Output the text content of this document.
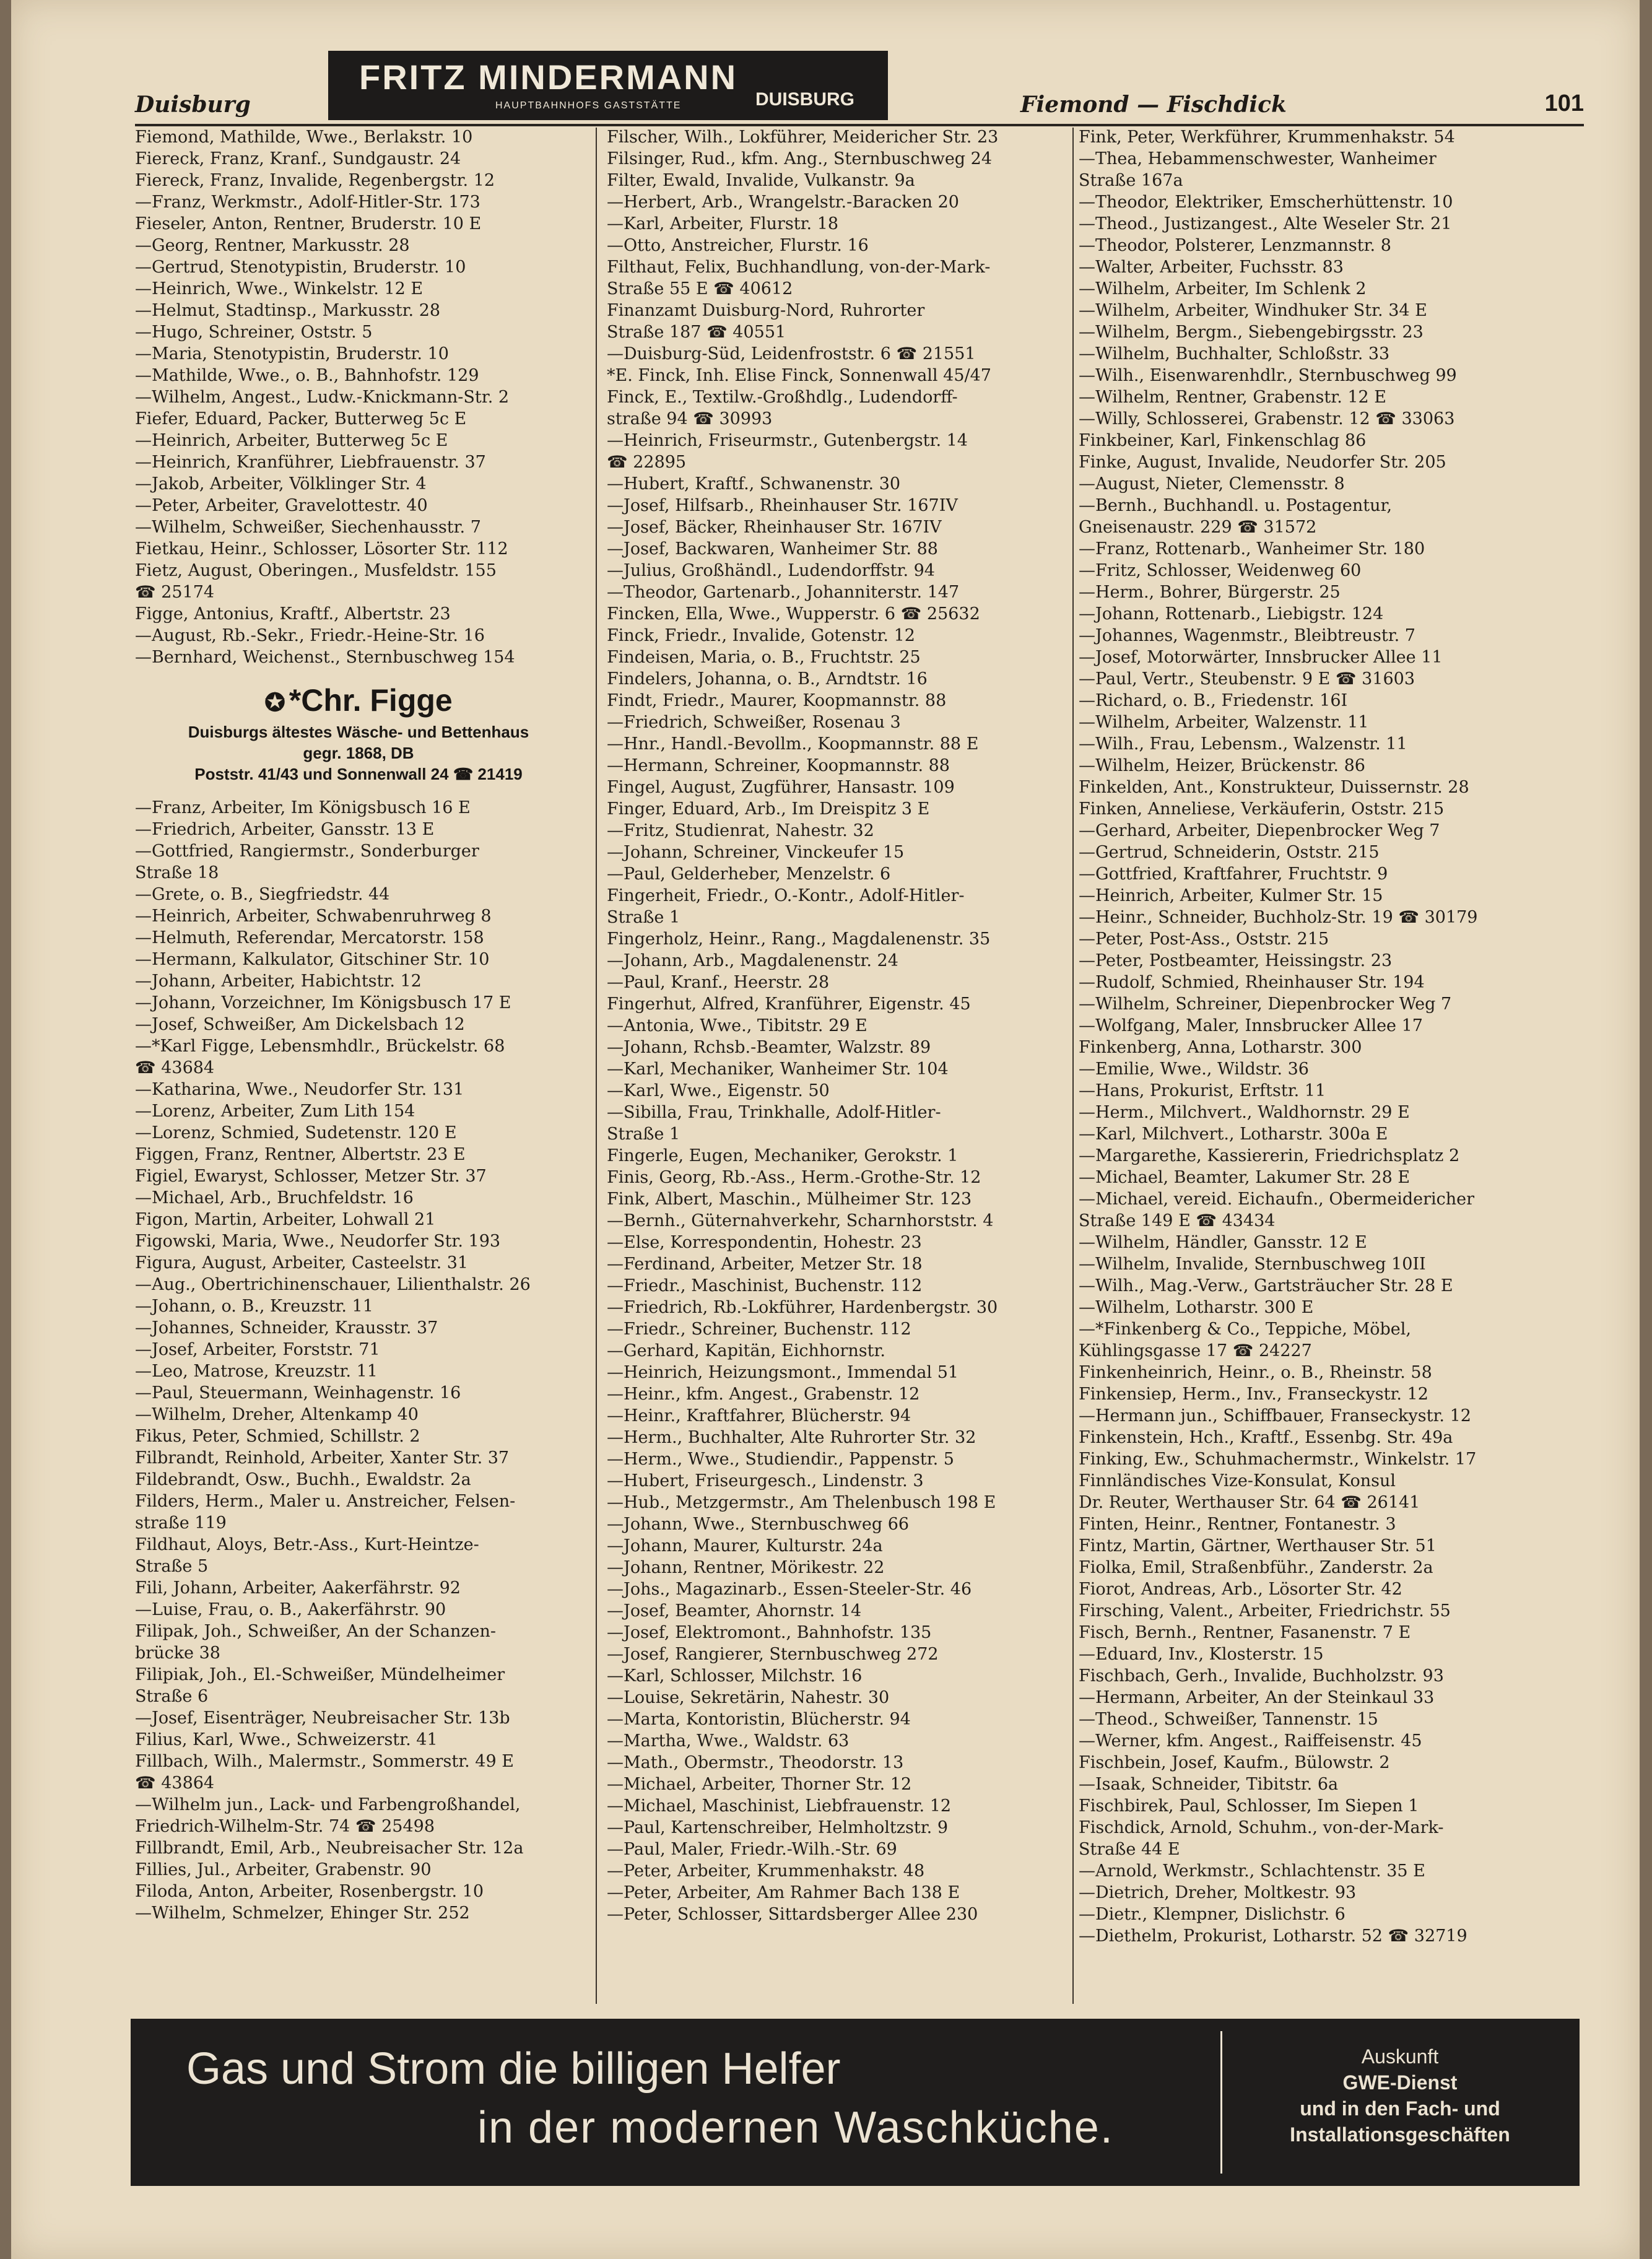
Duisburg	Fiemond — Fischdick	101
FRITZ MINDERMANN
HAUPTBAHNHOFS GASTSTÄTTE	DUISBURG
Fiemond, Mathilde, Wwe., Berlakstr. 10
Fiereck, Franz, Kranf., Sundgaustr. 24
Fiereck, Franz, Invalide, Regenbergstr. 12
—Franz, Werkmstr., Adolf-Hitler-Str. 173
Fieseler, Anton, Rentner, Bruderstr. 10 E
—Georg, Rentner, Markusstr. 28
—Gertrud, Stenotypistin, Bruderstr. 10
—Heinrich, Wwe., Winkelstr. 12 E
—Helmut, Stadtinsp., Markusstr. 28
—Hugo, Schreiner, Oststr. 5
—Maria, Stenotypistin, Bruderstr. 10
—Mathilde, Wwe., o. B., Bahnhofstr. 129
—Wilhelm, Angest., Ludw.-Knickmann-Str. 2
Fiefer, Eduard, Packer, Butterweg 5c E
—Heinrich, Arbeiter, Butterweg 5c E
—Heinrich, Kranführer, Liebfrauenstr. 37
—Jakob, Arbeiter, Völklinger Str. 4
—Peter, Arbeiter, Gravelottestr. 40
—Wilhelm, Schweißer, Siechenhausstr. 7
Fietkau, Heinr., Schlosser, Lösorter Str. 112
Fietz, August, Oberingen., Musfeldstr. 155
☎ 25174
Figge, Antonius, Kraftf., Albertstr. 23
—August, Rb.-Sekr., Friedr.-Heine-Str. 16
—Bernhard, Weichenst., Sternbuschweg 154
✪ *Chr. Figge
Duisburgs ältestes Wäsche- und Bettenhaus
gegr. 1868, DB
Poststr. 41/43 und Sonnenwall 24 ☎ 21419
—Franz, Arbeiter, Im Königsbusch 16 E
—Friedrich, Arbeiter, Gansstr. 13 E
—Gottfried, Rangiermstr., Sonderburger
Straße 18
—Grete, o. B., Siegfriedstr. 44
—Heinrich, Arbeiter, Schwabenruhrweg 8
—Helmuth, Referendar, Mercatorstr. 158
—Hermann, Kalkulator, Gitschiner Str. 10
—Johann, Arbeiter, Habichtstr. 12
—Johann, Vorzeichner, Im Königsbusch 17 E
—Josef, Schweißer, Am Dickelsbach 12
—*Karl Figge, Lebensmhdlr., Brückelstr. 68
☎ 43684
—Katharina, Wwe., Neudorfer Str. 131
—Lorenz, Arbeiter, Zum Lith 154
—Lorenz, Schmied, Sudetenstr. 120 E
Figgen, Franz, Rentner, Albertstr. 23 E
Figiel, Ewaryst, Schlosser, Metzer Str. 37
—Michael, Arb., Bruchfeldstr. 16
Figon, Martin, Arbeiter, Lohwall 21
Figowski, Maria, Wwe., Neudorfer Str. 193
Figura, August, Arbeiter, Casteelstr. 31
—Aug., Obertrichinenschauer, Lilienthalstr. 26
—Johann, o. B., Kreuzstr. 11
—Johannes, Schneider, Krausstr. 37
—Josef, Arbeiter, Forststr. 71
—Leo, Matrose, Kreuzstr. 11
—Paul, Steuermann, Weinhagenstr. 16
—Wilhelm, Dreher, Altenkamp 40
Fikus, Peter, Schmied, Schillstr. 2
Filbrandt, Reinhold, Arbeiter, Xanter Str. 37
Fildebrandt, Osw., Buchh., Ewaldstr. 2a
Filders, Herm., Maler u. Anstreicher, Felsen-
straße 119
Fildhaut, Aloys, Betr.-Ass., Kurt-Heintze-
Straße 5
Fili, Johann, Arbeiter, Aakerfährstr. 92
—Luise, Frau, o. B., Aakerfährstr. 90
Filipak, Joh., Schweißer, An der Schanzen-
brücke 38
Filipiak, Joh., El.-Schweißer, Mündelheimer
Straße 6
—Josef, Eisenträger, Neubreisacher Str. 13b
Filius, Karl, Wwe., Schweizerstr. 41
Fillbach, Wilh., Malermstr., Sommerstr. 49 E
☎ 43864
—Wilhelm jun., Lack- und Farbengroßhandel,
Friedrich-Wilhelm-Str. 74 ☎ 25498
Fillbrandt, Emil, Arb., Neubreisacher Str. 12a
Fillies, Jul., Arbeiter, Grabenstr. 90
Filoda, Anton, Arbeiter, Rosenbergstr. 10
—Wilhelm, Schmelzer, Ehinger Str. 252
Filscher, Wilh., Lokführer, Meidericher Str. 23
Filsinger, Rud., kfm. Ang., Sternbuschweg 24
Filter, Ewald, Invalide, Vulkanstr. 9a
—Herbert, Arb., Wrangelstr.-Baracken 20
—Karl, Arbeiter, Flurstr. 18
—Otto, Anstreicher, Flurstr. 16
Filthaut, Felix, Buchhandlung, von-der-Mark-
Straße 55 E ☎ 40612
Finanzamt Duisburg-Nord, Ruhrorter
Straße 187 ☎ 40551
—Duisburg-Süd, Leidenfroststr. 6 ☎ 21551
*E. Finck, Inh. Elise Finck, Sonnenwall 45/47
Finck, E., Textilw.-Großhdlg., Ludendorff-
straße 94 ☎ 30993
—Heinrich, Friseurmstr., Gutenbergstr. 14
☎ 22895
—Hubert, Kraftf., Schwanenstr. 30
—Josef, Hilfsarb., Rheinhauser Str. 167IV
—Josef, Bäcker, Rheinhauser Str. 167IV
—Josef, Backwaren, Wanheimer Str. 88
—Julius, Großhändl., Ludendorffstr. 94
—Theodor, Gartenarb., Johanniterstr. 147
Fincken, Ella, Wwe., Wupperstr. 6 ☎ 25632
Finck, Friedr., Invalide, Gotenstr. 12
Findeisen, Maria, o. B., Fruchtstr. 25
Findelers, Johanna, o. B., Arndtstr. 16
Findt, Friedr., Maurer, Koopmannstr. 88
—Friedrich, Schweißer, Rosenau 3
—Hnr., Handl.-Bevollm., Koopmannstr. 88 E
—Hermann, Schreiner, Koopmannstr. 88
Fingel, August, Zugführer, Hansastr. 109
Finger, Eduard, Arb., Im Dreispitz 3 E
—Fritz, Studienrat, Nahestr. 32
—Johann, Schreiner, Vinckeufer 15
—Paul, Gelderheber, Menzelstr. 6
Fingerheit, Friedr., O.-Kontr., Adolf-Hitler-
Straße 1
Fingerholz, Heinr., Rang., Magdalenenstr. 35
—Johann, Arb., Magdalenenstr. 24
—Paul, Kranf., Heerstr. 28
Fingerhut, Alfred, Kranführer, Eigenstr. 45
—Antonia, Wwe., Tibitstr. 29 E
—Johann, Rchsb.-Beamter, Walzstr. 89
—Karl, Mechaniker, Wanheimer Str. 104
—Karl, Wwe., Eigenstr. 50
—Sibilla, Frau, Trinkhalle, Adolf-Hitler-
Straße 1
Fingerle, Eugen, Mechaniker, Gerokstr. 1
Finis, Georg, Rb.-Ass., Herm.-Grothe-Str. 12
Fink, Albert, Maschin., Mülheimer Str. 123
—Bernh., Güternahverkehr, Scharnhorststr. 4
—Else, Korrespondentin, Hohestr. 23
—Ferdinand, Arbeiter, Metzer Str. 18
—Friedr., Maschinist, Buchenstr. 112
—Friedrich, Rb.-Lokführer, Hardenbergstr. 30
—Friedr., Schreiner, Buchenstr. 112
—Gerhard, Kapitän, Eichhornstr.
—Heinrich, Heizungsmont., Immendal 51
—Heinr., kfm. Angest., Grabenstr. 12
—Heinr., Kraftfahrer, Blücherstr. 94
—Herm., Buchhalter, Alte Ruhrorter Str. 32
—Herm., Wwe., Studiendir., Pappenstr. 5
—Hubert, Friseurgesch., Lindenstr. 3
—Hub., Metzgermstr., Am Thelenbusch 198 E
—Johann, Wwe., Sternbuschweg 66
—Johann, Maurer, Kulturstr. 24a
—Johann, Rentner, Mörikestr. 22
—Johs., Magazinarb., Essen-Steeler-Str. 46
—Josef, Beamter, Ahornstr. 14
—Josef, Elektromont., Bahnhofstr. 135
—Josef, Rangierer, Sternbuschweg 272
—Karl, Schlosser, Milchstr. 16
—Louise, Sekretärin, Nahestr. 30
—Marta, Kontoristin, Blücherstr. 94
—Martha, Wwe., Waldstr. 63
—Math., Obermstr., Theodorstr. 13
—Michael, Arbeiter, Thorner Str. 12
—Michael, Maschinist, Liebfrauenstr. 12
—Paul, Kartenschreiber, Helmholtzstr. 9
—Paul, Maler, Friedr.-Wilh.-Str. 69
—Peter, Arbeiter, Krummenhakstr. 48
—Peter, Arbeiter, Am Rahmer Bach 138 E
—Peter, Schlosser, Sittardsberger Allee 230
Fink, Peter, Werkführer, Krummenhakstr. 54
—Thea, Hebammenschwester, Wanheimer
Straße 167a
—Theodor, Elektriker, Emscherhüttenstr. 10
—Theod., Justizangest., Alte Weseler Str. 21
—Theodor, Polsterer, Lenzmannstr. 8
—Walter, Arbeiter, Fuchsstr. 83
—Wilhelm, Arbeiter, Im Schlenk 2
—Wilhelm, Arbeiter, Windhuker Str. 34 E
—Wilhelm, Bergm., Siebengebirgsstr. 23
—Wilhelm, Buchhalter, Schloßstr. 33
—Wilh., Eisenwarenhdlr., Sternbuschweg 99
—Wilhelm, Rentner, Grabenstr. 12 E
—Willy, Schlosserei, Grabenstr. 12 ☎ 33063
Finkbeiner, Karl, Finkenschlag 86
Finke, August, Invalide, Neudorfer Str. 205
—August, Nieter, Clemensstr. 8
—Bernh., Buchhandl. u. Postagentur,
Gneisenaustr. 229 ☎ 31572
—Franz, Rottenarb., Wanheimer Str. 180
—Fritz, Schlosser, Weidenweg 60
—Herm., Bohrer, Bürgerstr. 25
—Johann, Rottenarb., Liebigstr. 124
—Johannes, Wagenmstr., Bleibtreustr. 7
—Josef, Motorwärter, Innsbrucker Allee 11
—Paul, Vertr., Steubenstr. 9 E ☎ 31603
—Richard, o. B., Friedenstr. 16I
—Wilhelm, Arbeiter, Walzenstr. 11
—Wilh., Frau, Lebensm., Walzenstr. 11
—Wilhelm, Heizer, Brückenstr. 86
Finkelden, Ant., Konstrukteur, Duissernstr. 28
Finken, Anneliese, Verkäuferin, Oststr. 215
—Gerhard, Arbeiter, Diepenbrocker Weg 7
—Gertrud, Schneiderin, Oststr. 215
—Gottfried, Kraftfahrer, Fruchtstr. 9
—Heinrich, Arbeiter, Kulmer Str. 15
—Heinr., Schneider, Buchholz-Str. 19 ☎ 30179
—Peter, Post-Ass., Oststr. 215
—Peter, Postbeamter, Heissingstr. 23
—Rudolf, Schmied, Rheinhauser Str. 194
—Wilhelm, Schreiner, Diepenbrocker Weg 7
—Wolfgang, Maler, Innsbrucker Allee 17
Finkenberg, Anna, Lotharstr. 300
—Emilie, Wwe., Wildstr. 36
—Hans, Prokurist, Erftstr. 11
—Herm., Milchvert., Waldhornstr. 29 E
—Karl, Milchvert., Lotharstr. 300a E
—Margarethe, Kassiererin, Friedrichsplatz 2
—Michael, Beamter, Lakumer Str. 28 E
—Michael, vereid. Eichaufn., Obermeidericher
Straße 149 E ☎ 43434
—Wilhelm, Händler, Gansstr. 12 E
—Wilhelm, Invalide, Sternbuschweg 10II
—Wilh., Mag.-Verw., Gartsträucher Str. 28 E
—Wilhelm, Lotharstr. 300 E
—*Finkenberg & Co., Teppiche, Möbel,
Kühlingsgasse 17 ☎ 24227
Finkenheinrich, Heinr., o. B., Rheinstr. 58
Finkensiep, Herm., Inv., Franseckystr. 12
—Hermann jun., Schiffbauer, Franseckystr. 12
Finkenstein, Hch., Kraftf., Essenbg. Str. 49a
Finking, Ew., Schuhmachermstr., Winkelstr. 17
Finnländisches Vize-Konsulat, Konsul
Dr. Reuter, Werthauser Str. 64 ☎ 26141
Finten, Heinr., Rentner, Fontanestr. 3
Fintz, Martin, Gärtner, Werthauser Str. 51
Fiolka, Emil, Straßenbführ., Zanderstr. 2a
Fiorot, Andreas, Arb., Lösorter Str. 42
Firsching, Valent., Arbeiter, Friedrichstr. 55
Fisch, Bernh., Rentner, Fasanenstr. 7 E
—Eduard, Inv., Klosterstr. 15
Fischbach, Gerh., Invalide, Buchholzstr. 93
—Hermann, Arbeiter, An der Steinkaul 33
—Theod., Schweißer, Tannenstr. 15
—Werner, kfm. Angest., Raiffeisenstr. 45
Fischbein, Josef, Kaufm., Bülowstr. 2
—Isaak, Schneider, Tibitstr. 6a
Fischbirek, Paul, Schlosser, Im Siepen 1
Fischdick, Arnold, Schuhm., von-der-Mark-
Straße 44 E
—Arnold, Werkmstr., Schlachtenstr. 35 E
—Dietrich, Dreher, Moltkestr. 93
—Dietr., Klempner, Dislichstr. 6
—Diethelm, Prokurist, Lotharstr. 52 ☎ 32719
Gas und Strom die billigen Helfer
in der modernen Waschküche.
Auskunft
GWE-Dienst
und in den Fach- und
Installationsgeschäften
